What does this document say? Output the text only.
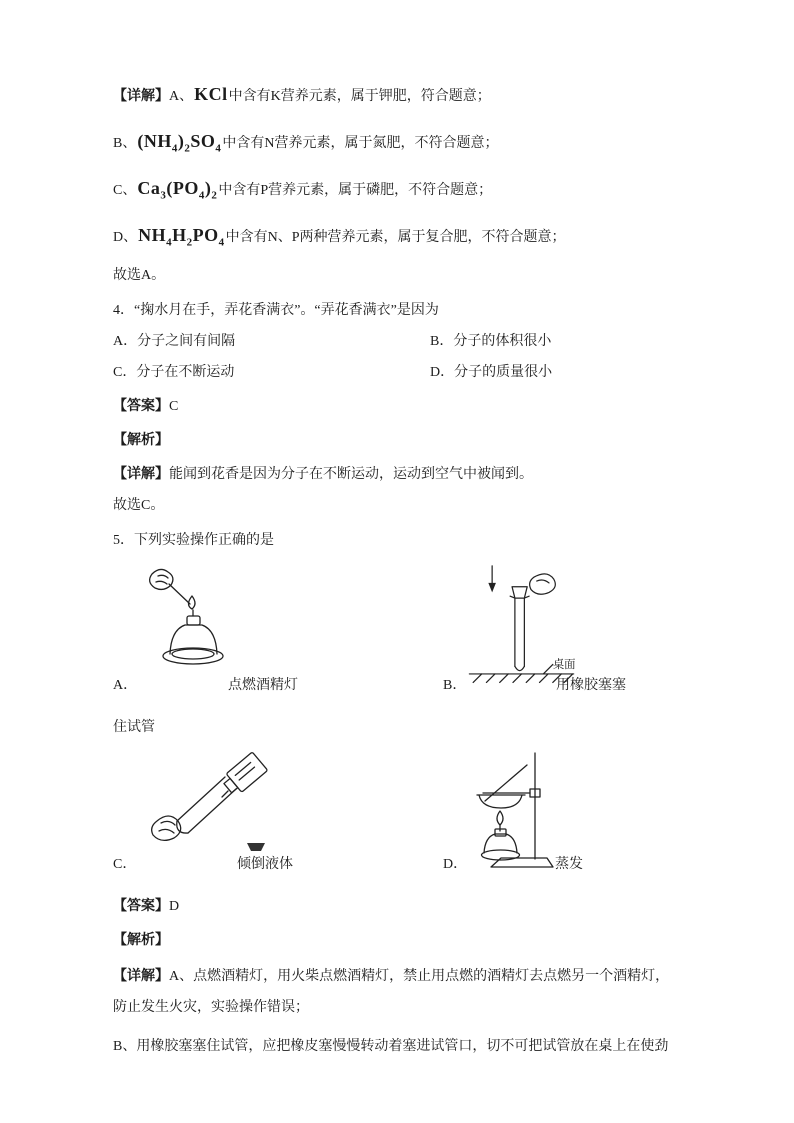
【详解】A、KCl中含有K营养元素，属于钾肥，符合题意；

B、$(NH_4)_2SO_4$中含有N营养元素，属于氮肥，不符合题意；

C、$Ca_3(PO_4)_2$中含有P营养元素，属于磷肥，不符合题意；

D、$NH_4H_2PO_4$中含有N、P两种营养元素，属于复合肥，不符合题意；

故选A。

4．“掬水月在手，弄花香满衣”。“弄花香满衣”是因为

A．分子之间有间隔	B．分子的体积很小
C．分子在不断运动	D．分子的质量很小

【答案】C

【解析】

【详解】能闻到花香是因为分子在不断运动，运动到空气中被闻到。

故选C。

5．下列实验操作正确的是

桌面
A．	点燃酒精灯	B．	用橡胶塞塞

住试管

C．	倾倒液体	D．	蒸发

【答案】D

【解析】

【详解】A、点燃酒精灯，用火柴点燃酒精灯，禁止用点燃的酒精灯去点燃另一个酒精灯，

防止发生火灾，实验操作错误；

B、用橡胶塞塞住试管，应把橡皮塞慢慢转动着塞进试管口，切不可把试管放在桌上在使劲
